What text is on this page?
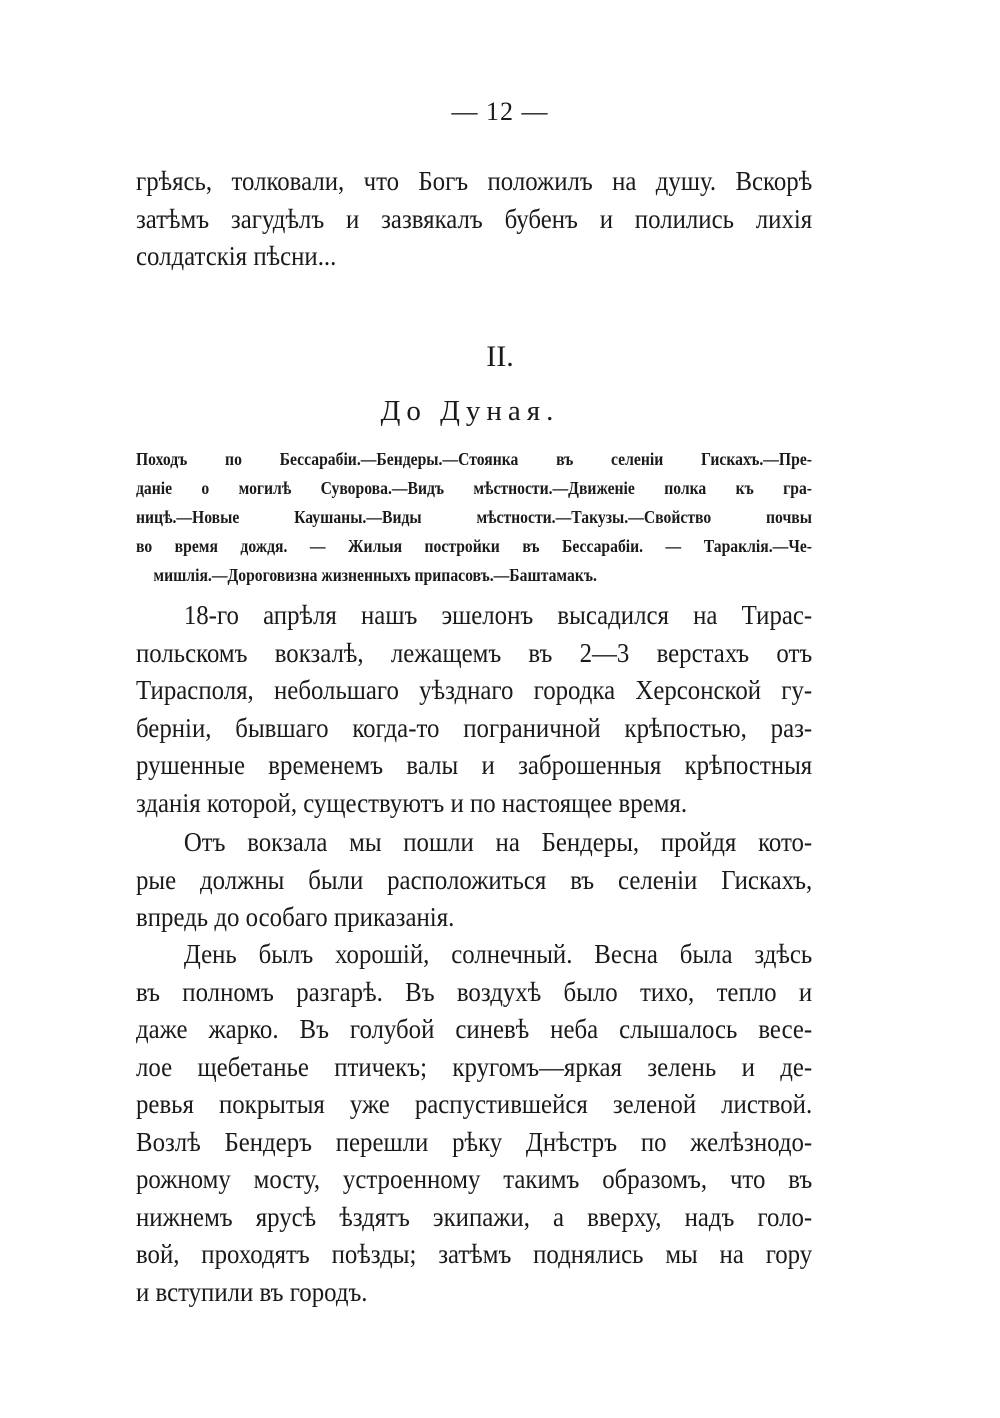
— 12 —
грѣясь, толковали, что Богъ положилъ на душу. Вскорѣ
затѣмъ загудѣлъ и зазвякалъ бубенъ и полились лихія
солдатскія пѣсни...
II.
До Дуная.
Походъ по Бессарабіи.—Бендеры.—Стоянка въ селеніи Гискахъ.—Пре-
даніе о могилѣ Суворова.—Видъ мѣстности.—Движеніе полка къ гра-
ницѣ.—Новые Каушаны.—Виды мѣстности.—Такузы.—Свойство почвы
во время дождя. — Жилыя постройки въ Бессарабіи. — Тараклія.—Че-
мишлія.—Дороговизна жизненныхъ припасовъ.—Баштамакъ.
18-го апрѣля нашъ эшелонъ высадился на Тирас-
польскомъ вокзалѣ, лежащемъ въ 2—3 верстахъ отъ
Тирасполя, небольшаго уѣзднаго городка Херсонской гу-
берніи, бывшаго когда-то пограничной крѣпостью, раз-
рушенные временемъ валы и заброшенныя крѣпостныя
зданія которой, существуютъ и по настоящее время.
Отъ вокзала мы пошли на Бендеры, пройдя кото-
рые должны были расположиться въ селеніи Гискахъ,
впредь до особаго приказанія.
День былъ хорошій, солнечный. Весна была здѣсь
въ полномъ разгарѣ. Въ воздухѣ было тихо, тепло и
даже жарко. Въ голубой синевѣ неба слышалось весе-
лое щебетанье птичекъ; кругомъ—яркая зелень и де-
ревья покрытыя уже распустившейся зеленой листвой.
Возлѣ Бендеръ перешли рѣку Днѣстръ по желѣзнодо-
рожному мосту, устроенному такимъ образомъ, что въ
нижнемъ ярусѣ ѣздятъ экипажи, а вверху, надъ голо-
вой, проходятъ поѣзды; затѣмъ поднялись мы на гору
и вступили въ городъ.
